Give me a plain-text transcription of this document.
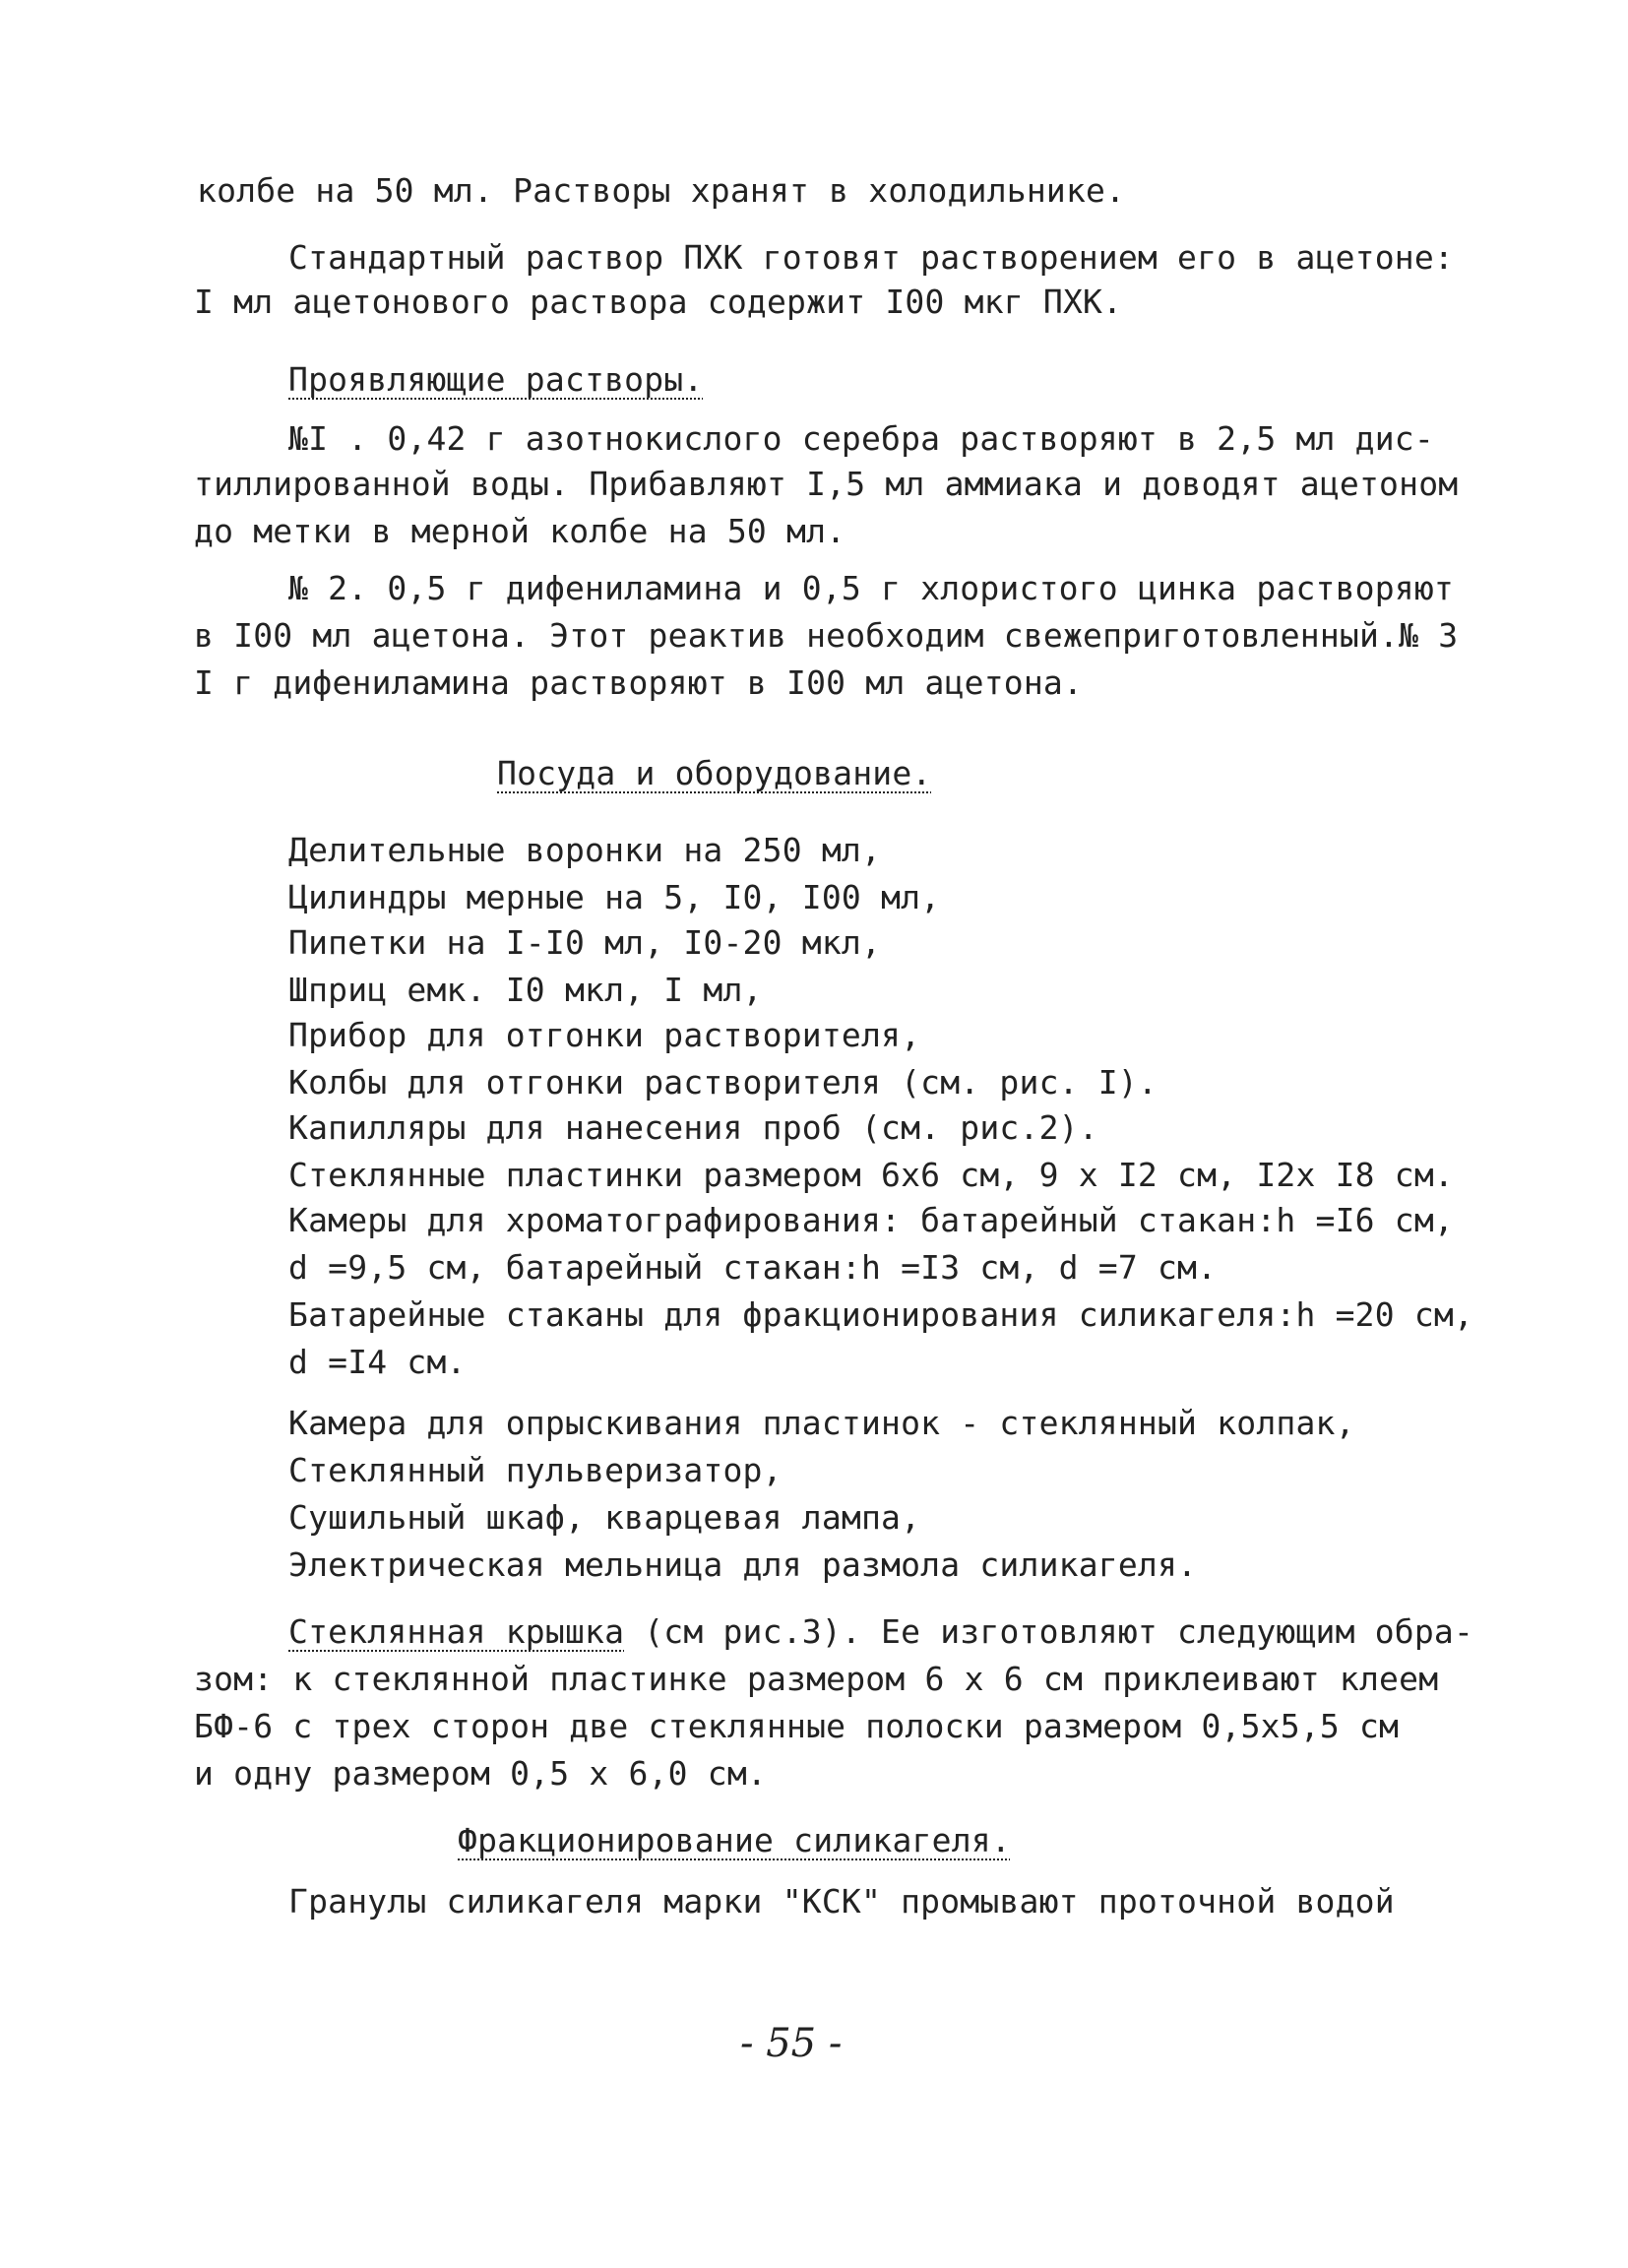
колбе на 50 мл. Растворы хранят в холодильнике.
Стандартный раствор ПХК готовят растворением его в ацетоне:
I мл ацетонового раствора содержит I00 мкг ПХК.
Проявляющие растворы.
№I . 0,42 г азотнокислого серебра растворяют в 2,5 мл дис-
тиллированной воды. Прибавляют I,5 мл аммиака и доводят ацетоном
до метки в мерной колбе на 50 мл.
№ 2. 0,5 г дифениламина и 0,5 г хлористого цинка растворяют
в I00 мл ацетона. Этот реактив необходим свежеприготовленный.№ 3
I г дифениламина растворяют в I00 мл ацетона.
Посуда и оборудование.
Делительные воронки на 250 мл,
Цилиндры мерные на 5, I0, I00 мл,
Пипетки на I-I0 мл, I0-20 мкл,
Шприц емк. I0 мкл, I мл,
Прибор для отгонки растворителя,
Колбы для отгонки растворителя (см. рис. I).
Капилляры для нанесения проб (см. рис.2).
Стеклянные пластинки размером 6х6 см, 9 х I2 см, I2х I8 см.
Камеры для хроматографирования: батарейный стакан:h =I6 см,
d =9,5 см, батарейный стакан:h =I3 см, d =7 см.
Батарейные стаканы для фракционирования силикагеля:h =20 см,
d =I4 см.
Камера для опрыскивания пластинок - стеклянный колпак,
Стеклянный пульверизатор,
Сушильный шкаф, кварцевая лампа,
Электрическая мельница для размола силикагеля.
Стеклянная крышка (см рис.3). Ее изготовляют следующим обра-
зом: к стеклянной пластинке размером 6 х 6 см приклеивают клеем
БФ-6 с трех сторон две стеклянные полоски размером 0,5х5,5 см
и одну размером 0,5 х 6,0 см.
Фракционирование силикагеля.
Гранулы силикагеля марки "КСК" промывают проточной водой
- 55 -
